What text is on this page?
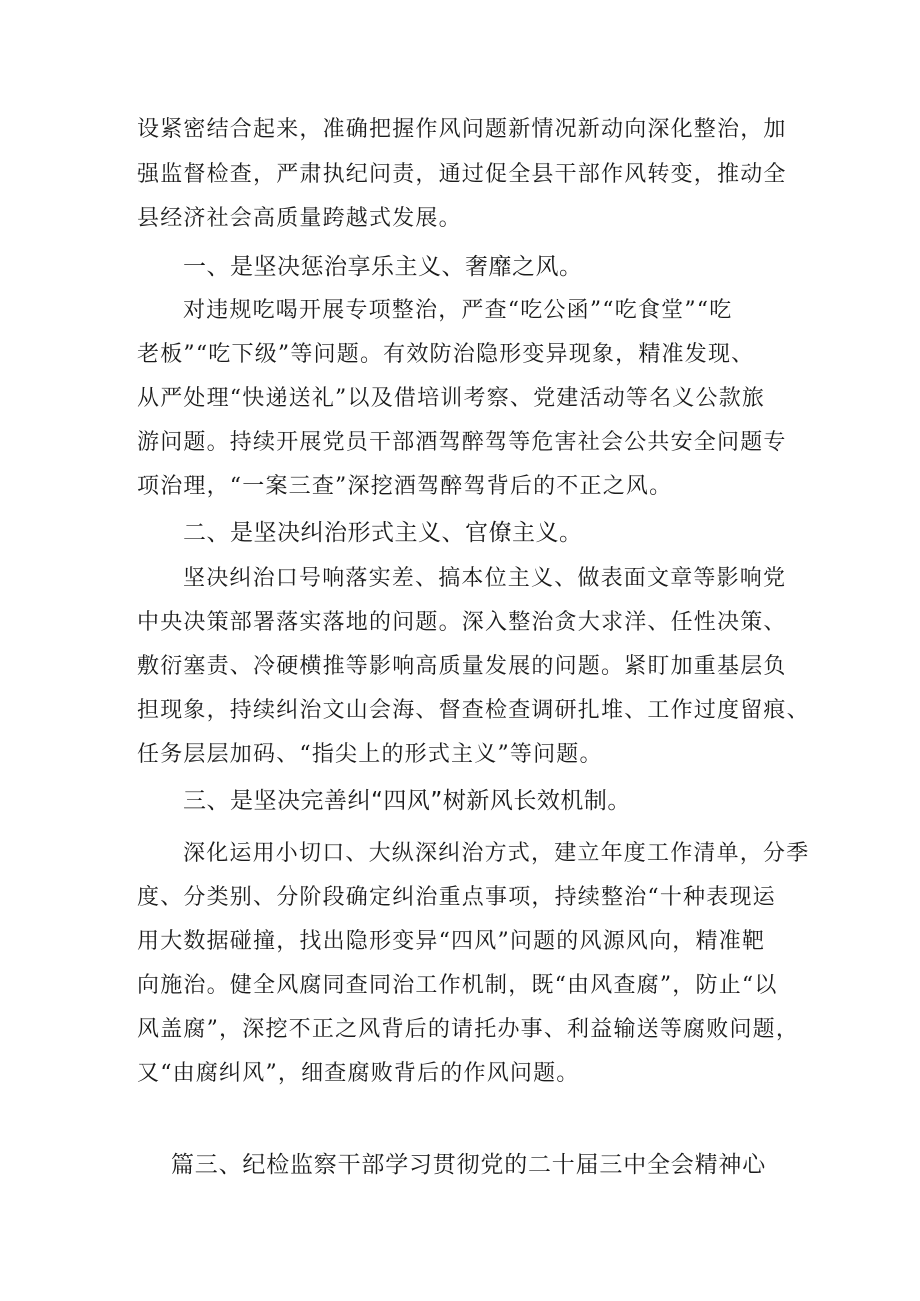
设紧密结合起来，准确把握作风问题新情况新动向深化整治，加
强监督检查，严肃执纪问责，通过促全县干部作风转变，推动全
县经济社会高质量跨越式发展。
一、是坚决惩治享乐主义、奢靡之风。
对违规吃喝开展专项整治，严查“吃公函”“吃食堂”“吃
老板”“吃下级”等问题。有效防治隐形变异现象，精准发现、
从严处理“快递送礼”以及借培训考察、党建活动等名义公款旅
游问题。持续开展党员干部酒驾醉驾等危害社会公共安全问题专
项治理，“一案三查”深挖酒驾醉驾背后的不正之风。
二、是坚决纠治形式主义、官僚主义。
坚决纠治口号响落实差、搞本位主义、做表面文章等影响党
中央决策部署落实落地的问题。深入整治贪大求洋、任性决策、
敷衍塞责、冷硬横推等影响高质量发展的问题。紧盯加重基层负
担现象，持续纠治文山会海、督查检查调研扎堆、工作过度留痕、
任务层层加码、“指尖上的形式主义”等问题。
三、是坚决完善纠“四风”树新风长效机制。
深化运用小切口、大纵深纠治方式，建立年度工作清单，分季
度、分类别、分阶段确定纠治重点事项，持续整治“十种表现运
用大数据碰撞，找出隐形变异“四风”问题的风源风向，精准靶
向施治。健全风腐同查同治工作机制，既“由风查腐”，防止“以
风盖腐”，深挖不正之风背后的请托办事、利益输送等腐败问题，
又“由腐纠风”，细查腐败背后的作风问题。
篇三、纪检监察干部学习贯彻党的二十届三中全会精神心
